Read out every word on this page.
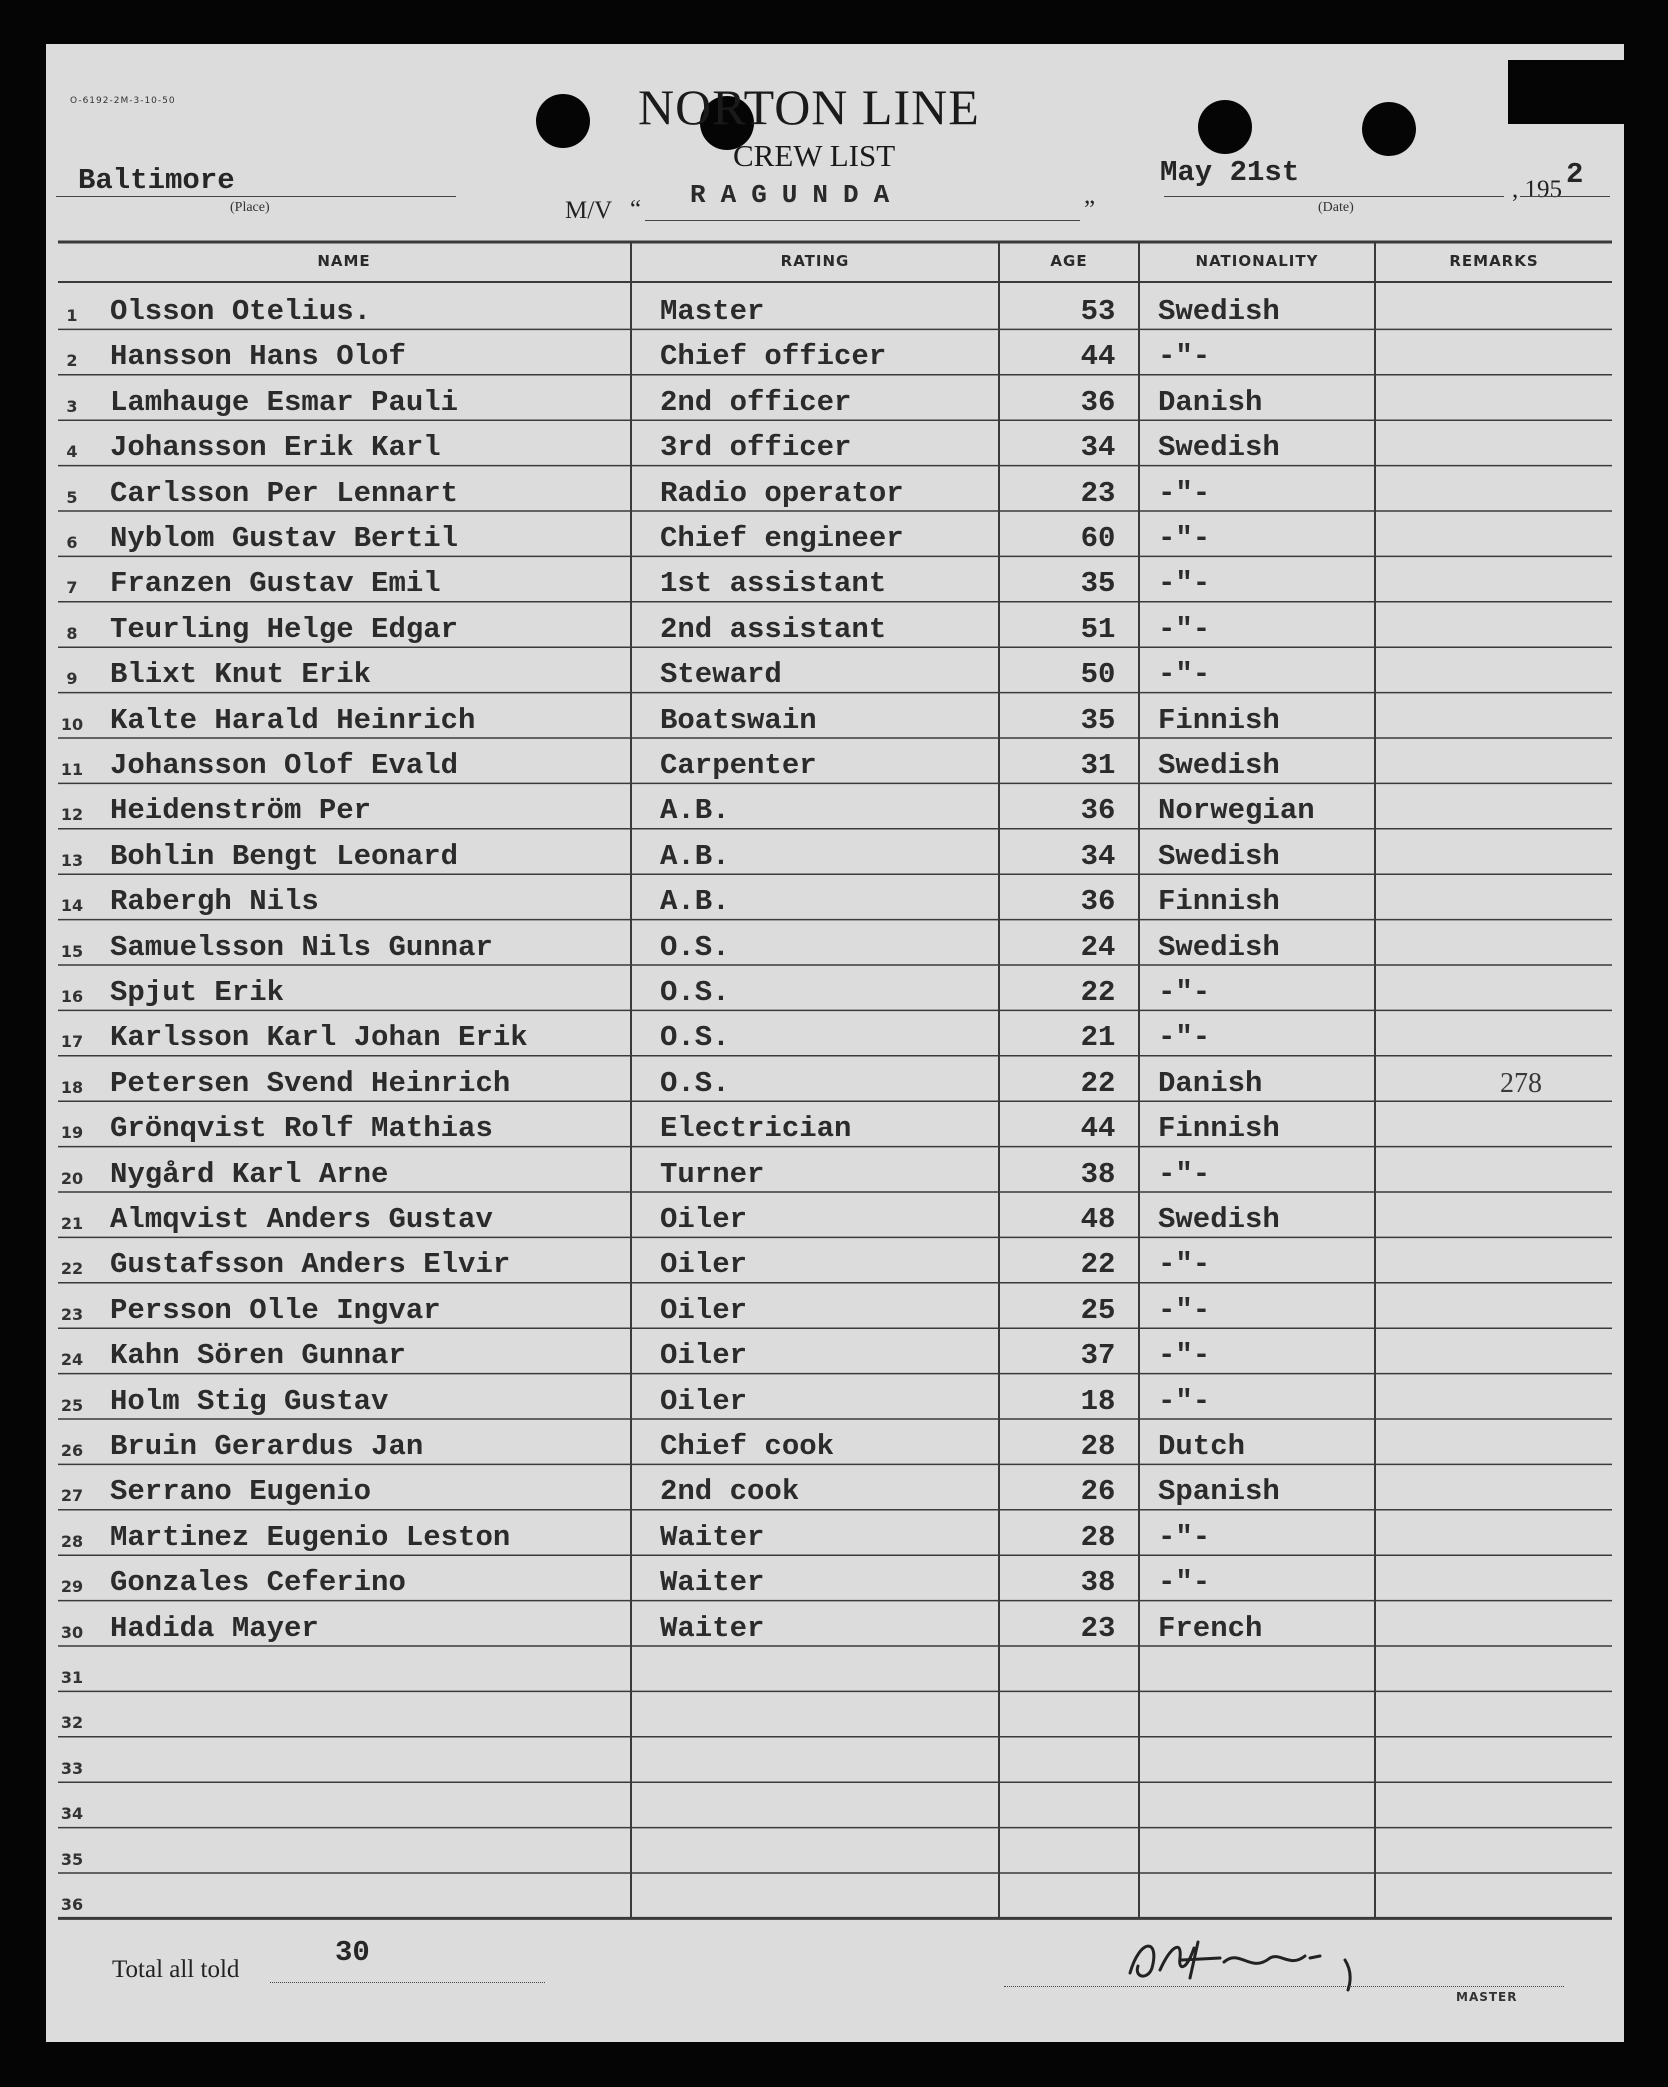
O-6192-2M-3-10-50	NORTON LINE
CREW LIST
Baltimore
(Place)	M/V “ RAGUNDA	”
May 21st
(Date)
, 195 2
NAME	RATING	AGE	NATIONALITY	REMARKS
1 Olsson Otelius.	Master	53	Swedish
2 Hansson Hans Olof	Chief officer	44	-"-
3 Lamhauge Esmar Pauli	2nd officer	36	Danish
4 Johansson Erik Karl	3rd officer	34	Swedish
5 Carlsson Per Lennart	Radio operator	23	-"-
6 Nyblom Gustav Bertil	Chief engineer	60	-"-
7 Franzen Gustav Emil	1st assistant	35	-"-
8 Teurling Helge Edgar	2nd assistant	51	-"-
9 Blixt Knut Erik	Steward	50	-"-
10 Kalte Harald Heinrich	Boatswain	35	Finnish
11 Johansson Olof Evald	Carpenter	31	Swedish
12 Heidenström Per	A.B.	36	Norwegian
13 Bohlin Bengt Leonard	A.B.	34	Swedish
14 Rabergh Nils	A.B.	36	Finnish
15 Samuelsson Nils Gunnar	O.S.	24	Swedish
16 Spjut Erik	O.S.	22	-"-
17 Karlsson Karl Johan Erik	O.S.	21	-"-
18 Petersen Svend Heinrich	O.S.	22	Danish	278
19 Grönqvist Rolf Mathias	Electrician	44	Finnish
20 Nygård Karl Arne	Turner	38	-"-
21 Almqvist Anders Gustav	Oiler	48	Swedish
22 Gustafsson Anders Elvir	Oiler	22	-"-
23 Persson Olle Ingvar	Oiler	25	-"-
24 Kahn Sören Gunnar	Oiler	37	-"-
25 Holm Stig Gustav	Oiler	18	-"-
26 Bruin Gerardus Jan	Chief cook	28	Dutch
27 Serrano Eugenio	2nd cook	26	Spanish
28 Martinez Eugenio Leston	Waiter	28	-"-
29 Gonzales Ceferino	Waiter	38	-"-
30 Hadida Mayer	Waiter	23	French
31
32
33
34
35
36
Total all told
30
MASTER
